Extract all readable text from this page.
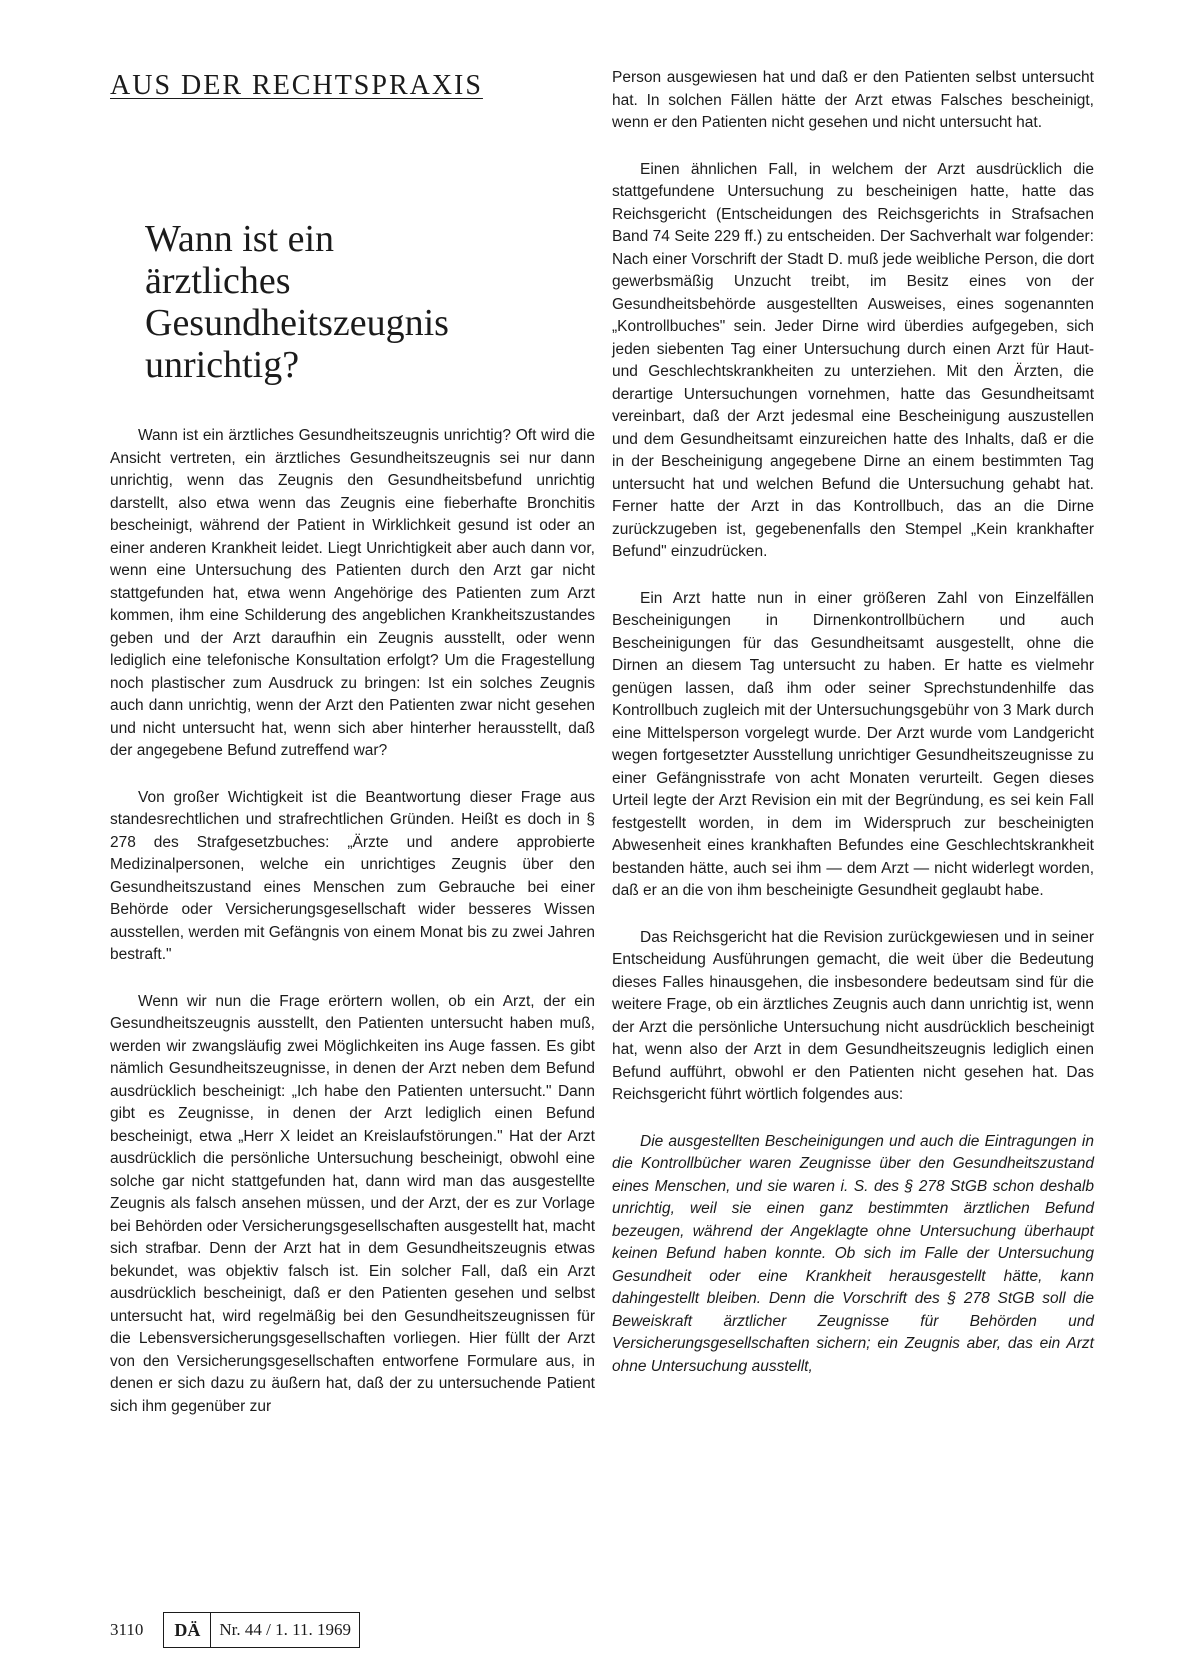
AUS DER RECHTSPRAXIS
Wann ist ein
ärztliches
Gesundheitszeugnis
unrichtig?

Wann ist ein ärztliches Gesundheitszeugnis unrichtig? Oft wird die Ansicht vertreten, ein ärztliches Gesundheitszeugnis sei nur dann unrichtig, wenn das Zeugnis den Gesundheitsbefund unrichtig darstellt, also etwa wenn das Zeugnis eine fieberhafte Bronchitis bescheinigt, während der Patient in Wirklichkeit gesund ist oder an einer anderen Krankheit leidet. Liegt Unrichtigkeit aber auch dann vor, wenn eine Untersuchung des Patienten durch den Arzt gar nicht stattgefunden hat, etwa wenn Angehörige des Patienten zum Arzt kommen, ihm eine Schilderung des angeblichen Krankheitszustandes geben und der Arzt daraufhin ein Zeugnis ausstellt, oder wenn lediglich eine telefonische Konsultation erfolgt? Um die Fragestellung noch plastischer zum Ausdruck zu bringen: Ist ein solches Zeugnis auch dann unrichtig, wenn der Arzt den Patienten zwar nicht gesehen und nicht untersucht hat, wenn sich aber hinterher herausstellt, daß der angegebene Befund zutreffend war?

Von großer Wichtigkeit ist die Beantwortung dieser Frage aus standesrechtlichen und strafrechtlichen Gründen. Heißt es doch in § 278 des Strafgesetzbuches: „Ärzte und andere approbierte Medizinalpersonen, welche ein unrichtiges Zeugnis über den Gesundheitszustand eines Menschen zum Gebrauche bei einer Behörde oder Versicherungsgesellschaft wider besseres Wissen ausstellen, werden mit Gefängnis von einem Monat bis zu zwei Jahren bestraft."

Wenn wir nun die Frage erörtern wollen, ob ein Arzt, der ein Gesundheitszeugnis ausstellt, den Patienten untersucht haben muß, werden wir zwangsläufig zwei Möglichkeiten ins Auge fassen. Es gibt nämlich Gesundheitszeugnisse, in denen der Arzt neben dem Befund ausdrücklich bescheinigt: „Ich habe den Patienten untersucht." Dann gibt es Zeugnisse, in denen der Arzt lediglich einen Befund bescheinigt, etwa „Herr X leidet an Kreislaufstörungen." Hat der Arzt ausdrücklich die persönliche Untersuchung bescheinigt, obwohl eine solche gar nicht stattgefunden hat, dann wird man das ausgestellte Zeugnis als falsch ansehen müssen, und der Arzt, der es zur Vorlage bei Behörden oder Versicherungsgesellschaften ausgestellt hat, macht sich strafbar. Denn der Arzt hat in dem Gesundheitszeugnis etwas bekundet, was objektiv falsch ist. Ein solcher Fall, daß ein Arzt ausdrücklich bescheinigt, daß er den Patienten gesehen und selbst untersucht hat, wird regelmäßig bei den Gesundheitszeugnissen für die Lebensversicherungsgesellschaften vorliegen. Hier füllt der Arzt von den Versicherungsgesellschaften entworfene Formulare aus, in denen er sich dazu zu äußern hat, daß der zu untersuchende Patient sich ihm gegenüber zur

Person ausgewiesen hat und daß er den Patienten selbst untersucht hat. In solchen Fällen hätte der Arzt etwas Falsches bescheinigt, wenn er den Patienten nicht gesehen und nicht untersucht hat.

Einen ähnlichen Fall, in welchem der Arzt ausdrücklich die stattgefundene Untersuchung zu bescheinigen hatte, hatte das Reichsgericht (Entscheidungen des Reichsgerichts in Strafsachen Band 74 Seite 229 ff.) zu entscheiden. Der Sachverhalt war folgender: Nach einer Vorschrift der Stadt D. muß jede weibliche Person, die dort gewerbsmäßig Unzucht treibt, im Besitz eines von der Gesundheitsbehörde ausgestellten Ausweises, eines sogenannten „Kontrollbuches" sein. Jeder Dirne wird überdies aufgegeben, sich jeden siebenten Tag einer Untersuchung durch einen Arzt für Haut- und Geschlechtskrankheiten zu unterziehen. Mit den Ärzten, die derartige Untersuchungen vornehmen, hatte das Gesundheitsamt vereinbart, daß der Arzt jedesmal eine Bescheinigung auszustellen und dem Gesundheitsamt einzureichen hatte des Inhalts, daß er die in der Bescheinigung angegebene Dirne an einem bestimmten Tag untersucht hat und welchen Befund die Untersuchung gehabt hat. Ferner hatte der Arzt in das Kontrollbuch, das an die Dirne zurückzugeben ist, gegebenenfalls den Stempel „Kein krankhafter Befund" einzudrücken.

Ein Arzt hatte nun in einer größeren Zahl von Einzelfällen Bescheinigungen in Dirnenkontrollbüchern und auch Bescheinigungen für das Gesundheitsamt ausgestellt, ohne die Dirnen an diesem Tag untersucht zu haben. Er hatte es vielmehr genügen lassen, daß ihm oder seiner Sprechstundenhilfe das Kontrollbuch zugleich mit der Untersuchungsgebühr von 3 Mark durch eine Mittelsperson vorgelegt wurde. Der Arzt wurde vom Landgericht wegen fortgesetzter Ausstellung unrichtiger Gesundheitszeugnisse zu einer Gefängnisstrafe von acht Monaten verurteilt. Gegen dieses Urteil legte der Arzt Revision ein mit der Begründung, es sei kein Fall festgestellt worden, in dem im Widerspruch zur bescheinigten Abwesenheit eines krankhaften Befundes eine Geschlechtskrankheit bestanden hätte, auch sei ihm — dem Arzt — nicht widerlegt worden, daß er an die von ihm bescheinigte Gesundheit geglaubt habe.

Das Reichsgericht hat die Revision zurückgewiesen und in seiner Entscheidung Ausführungen gemacht, die weit über die Bedeutung dieses Falles hinausgehen, die insbesondere bedeutsam sind für die weitere Frage, ob ein ärztliches Zeugnis auch dann unrichtig ist, wenn der Arzt die persönliche Untersuchung nicht ausdrücklich bescheinigt hat, wenn also der Arzt in dem Gesundheitszeugnis lediglich einen Befund aufführt, obwohl er den Patienten nicht gesehen hat. Das Reichsgericht führt wörtlich folgendes aus:

Die ausgestellten Bescheinigungen und auch die Eintragungen in die Kontrollbücher waren Zeugnisse über den Gesundheitszustand eines Menschen, und sie waren i. S. des § 278 StGB schon deshalb unrichtig, weil sie einen ganz bestimmten ärztlichen Befund bezeugen, während der Angeklagte ohne Untersuchung überhaupt keinen Befund haben konnte. Ob sich im Falle der Untersuchung Gesundheit oder eine Krankheit herausgestellt hätte, kann dahingestellt bleiben. Denn die Vorschrift des § 278 StGB soll die Beweiskraft ärztlicher Zeugnisse für Behörden und Versicherungsgesellschaften sichern; ein Zeugnis aber, das ein Arzt ohne Untersuchung ausstellt,

3110	DÄ	Nr. 44 / 1. 11. 1969
